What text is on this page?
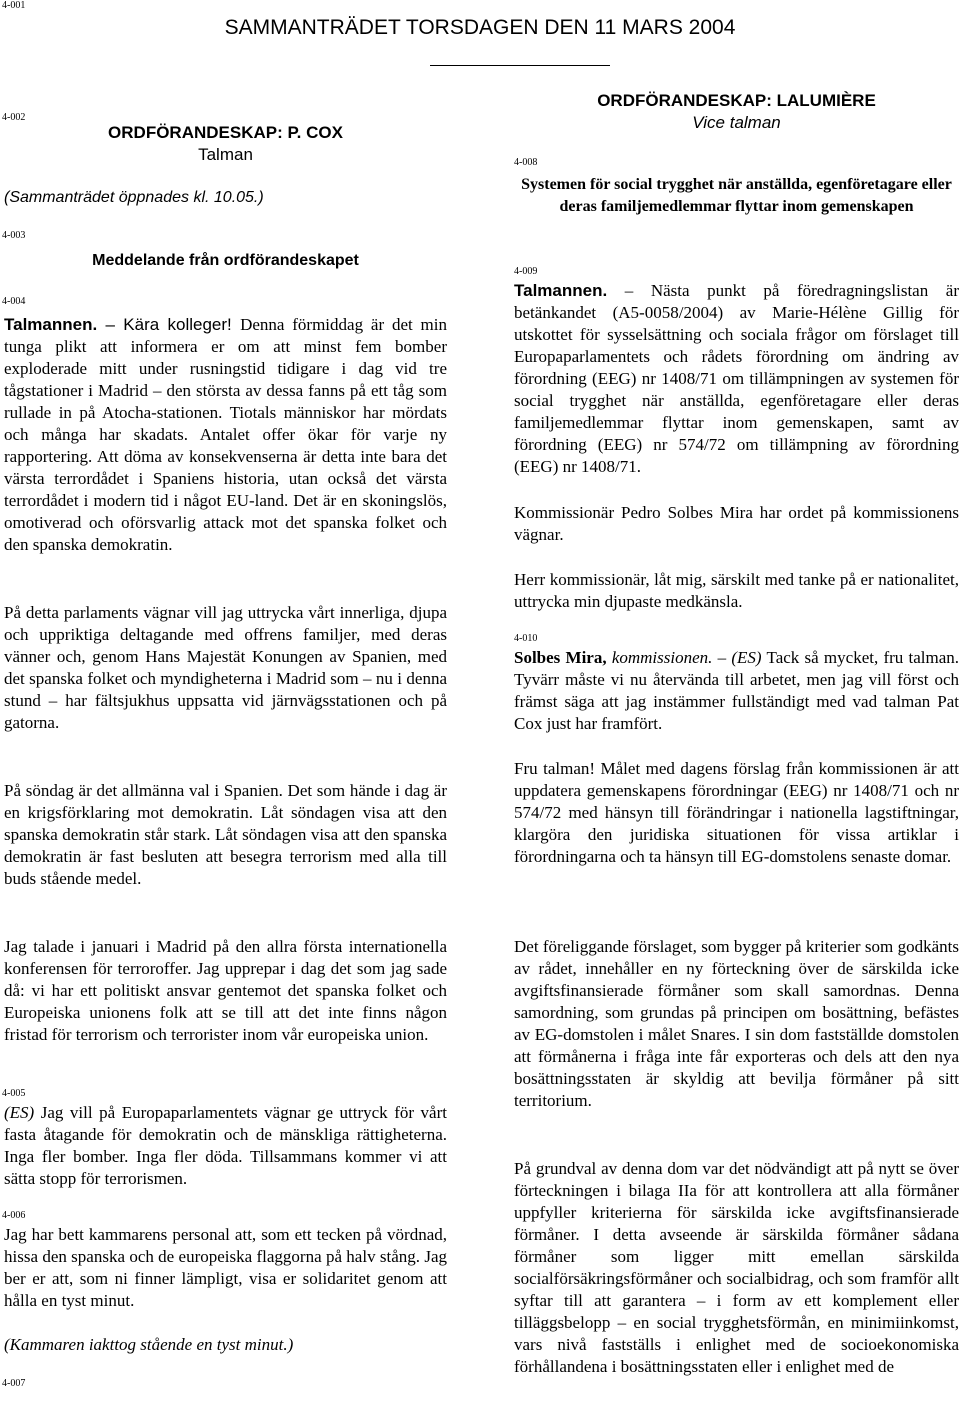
4-001
SAMMANTRÄDET TORSDAGEN DEN 11 MARS 2004
4-002
ORDFÖRANDESKAP: P. COX
Talman
(Sammanträdet öppnades kl. 10.05.)
4-003
Meddelande från ordförandeskapet
4-004

Talmannen. – Kära kolleger! Denna förmiddag är det min tunga plikt att informera er om att minst fem bomber exploderade mitt under rusningstid tidigare i dag vid tre tågstationer i Madrid – den största av dessa fanns på ett tåg som rullade in på Atocha-stationen. Tiotals människor har mördats och många har skadats. Antalet offer ökar för varje ny rapportering. Att döma av konsekvenserna är detta inte bara det värsta terrordådet i Spaniens historia, utan också det värsta terrordådet i modern tid i något EU-land. Det är en skoningslös, omotiverad och oförsvarlig attack mot det spanska folket och den spanska demokratin.

På detta parlaments vägnar vill jag uttrycka vårt innerliga, djupa och uppriktiga deltagande med offrens familjer, med deras vänner och, genom Hans Majestät Konungen av Spanien, med det spanska folket och myndigheterna i Madrid som – nu i denna stund – har fältsjukhus uppsatta vid järnvägsstationen och på gatorna.

På söndag är det allmänna val i Spanien. Det som hände i dag är en krigsförklaring mot demokratin. Låt söndagen visa att den spanska demokratin står stark. Låt söndagen visa att den spanska demokratin är fast besluten att besegra terrorism med alla till buds stående medel.

Jag talade i januari i Madrid på den allra första internationella konferensen för terroroffer. Jag upprepar i dag det som jag sade då: vi har ett politiskt ansvar gentemot det spanska folket och Europeiska unionens folk att se till att det inte finns någon fristad för terrorism och terrorister inom vår europeiska union.

4-005

(ES) Jag vill på Europaparlamentets vägnar ge uttryck för vårt fasta åtagande för demokratin och de mänskliga rättigheterna. Inga fler bomber. Inga fler döda. Tillsammans kommer vi att sätta stopp för terrorismen.

4-006

Jag har bett kammarens personal att, som ett tecken på vördnad, hissa den spanska och de europeiska flaggorna på halv stång. Jag ber er att, som ni finner lämpligt, visa er solidaritet genom att hålla en tyst minut.

(Kammaren iakttog stående en tyst minut.)

4-007
ORDFÖRANDESKAP: LALUMIÈRE
Vice talman
4-008
Systemen för social trygghet när anställda, egenföretagare eller deras familjemedlemmar flyttar inom gemenskapen
4-009

Talmannen. – Nästa punkt på föredragningslistan är betänkandet (A5-0058/2004) av Marie-Hélène Gillig för utskottet för sysselsättning och sociala frågor om förslaget till Europaparlamentets och rådets förordning om ändring av förordning (EEG) nr 1408/71 om tillämpningen av systemen för social trygghet när anställda, egenföretagare eller deras familjemedlemmar flyttar inom gemenskapen, samt av förordning (EEG) nr 574/72 om tillämpning av förordning (EEG) nr 1408/71.

Kommissionär Pedro Solbes Mira har ordet på kommissionens vägnar.

Herr kommissionär, låt mig, särskilt med tanke på er nationalitet, uttrycka min djupaste medkänsla.

4-010

Solbes Mira, kommissionen. – (ES) Tack så mycket, fru talman. Tyvärr måste vi nu återvända till arbetet, men jag vill först och främst säga att jag instämmer fullständigt med vad talman Pat Cox just har framfört.

Fru talman! Målet med dagens förslag från kommissionen är att uppdatera gemenskapens förordningar (EEG) nr 1408/71 och nr 574/72 med hänsyn till förändringar i nationella lagstiftningar, klargöra den juridiska situationen för vissa artiklar i förordningarna och ta hänsyn till EG-domstolens senaste domar.

Det föreliggande förslaget, som bygger på kriterier som godkänts av rådet, innehåller en ny förteckning över de särskilda icke avgiftsfinansierade förmåner som skall samordnas. Denna samordning, som grundas på principen om bosättning, befästes av EG-domstolen i målet Snares. I sin dom fastställde domstolen att förmånerna i fråga inte får exporteras och dels att den nya bosättningsstaten är skyldig att bevilja förmåner på sitt territorium.

På grundval av denna dom var det nödvändigt att på nytt se över förteckningen i bilaga IIa för att kontrollera att alla förmåner uppfyller kriterierna för särskilda icke avgiftsfinansierade förmåner. I detta avseende är särskilda förmåner sådana förmåner som ligger mitt emellan särskilda socialförsäkringsförmåner och socialbidrag, och som framför allt syftar till att garantera – i form av ett komplement eller tilläggsbelopp – en social trygghetsförmån, en minimiinkomst, vars nivå fastställs i enlighet med de socioekonomiska förhållandena i bosättningsstaten eller i enlighet med de
